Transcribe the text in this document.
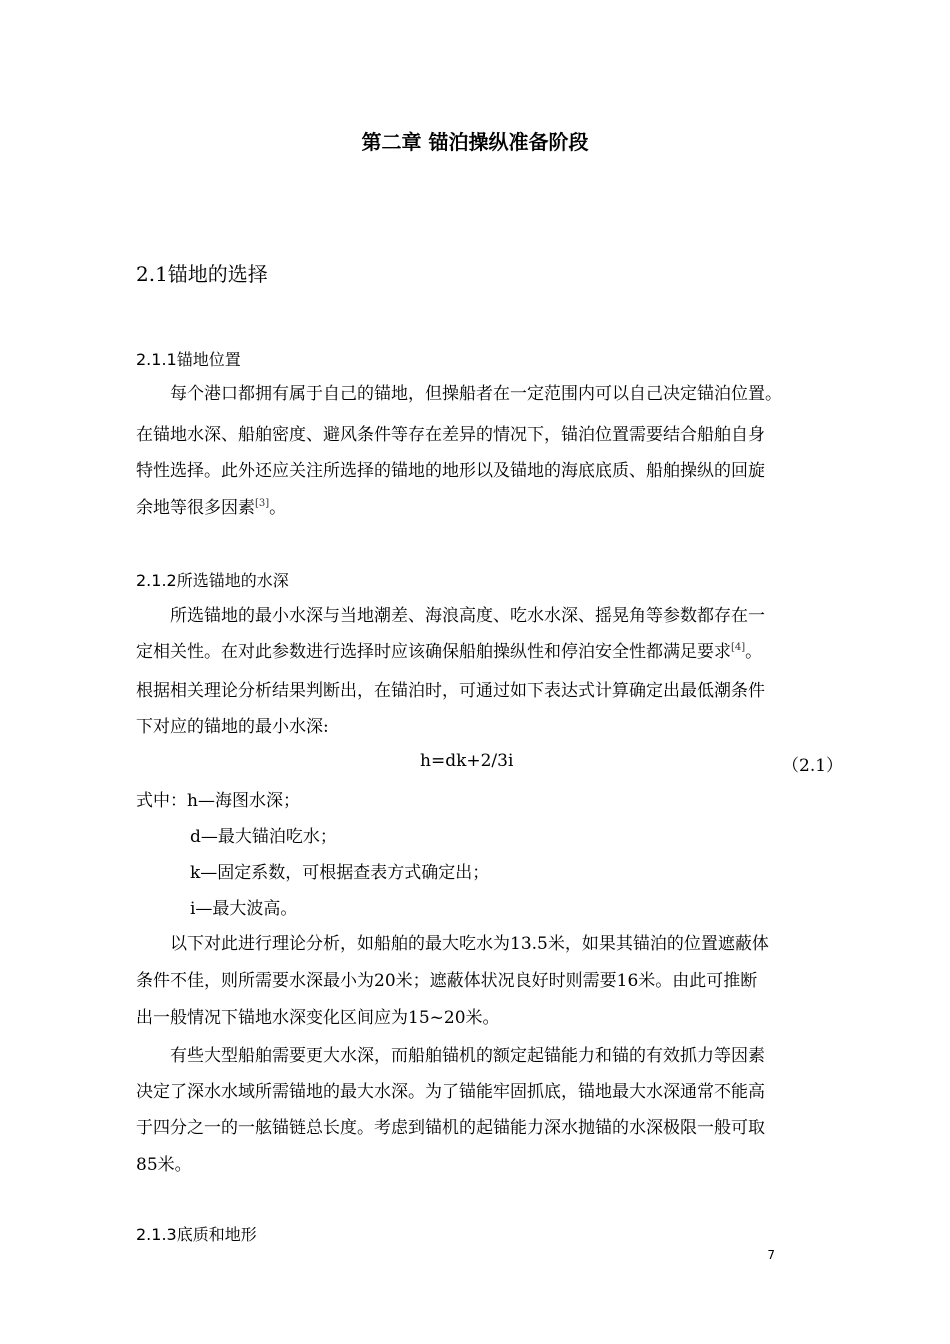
第二章 锚泊操纵准备阶段
2.1锚地的选择
2.1.1锚地位置
每个港口都拥有属于自己的锚地，但操船者在一定范围内可以自己决定锚泊位置。
在锚地水深、船舶密度、避风条件等存在差异的情况下，锚泊位置需要结合船舶自身
特性选择。此外还应关注所选择的锚地的地形以及锚地的海底底质、船舶操纵的回旋
余地等很多因素[3]。
2.1.2所选锚地的水深
所选锚地的最小水深与当地潮差、海浪高度、吃水水深、摇晃角等参数都存在一
定相关性。在对此参数进行选择时应该确保船舶操纵性和停泊安全性都满足要求[4]。
根据相关理论分析结果判断出，在锚泊时，可通过如下表达式计算确定出最低潮条件
下对应的锚地的最小水深:
h=dk+2/3i	（2.1）
式中：h—海图水深；
d—最大锚泊吃水；
k—固定系数，可根据查表方式确定出；
i—最大波高。
以下对此进行理论分析，如船舶的最大吃水为13.5米，如果其锚泊的位置遮蔽体
条件不佳，则所需要水深最小为20米；遮蔽体状况良好时则需要16米。由此可推断
出一般情况下锚地水深变化区间应为15~20米。
有些大型船舶需要更大水深，而船舶锚机的额定起锚能力和锚的有效抓力等因素
决定了深水水域所需锚地的最大水深。为了锚能牢固抓底，锚地最大水深通常不能高
于四分之一的一舷锚链总长度。考虑到锚机的起锚能力深水抛锚的水深极限一般可取
85米。
2.1.3底质和地形
7
